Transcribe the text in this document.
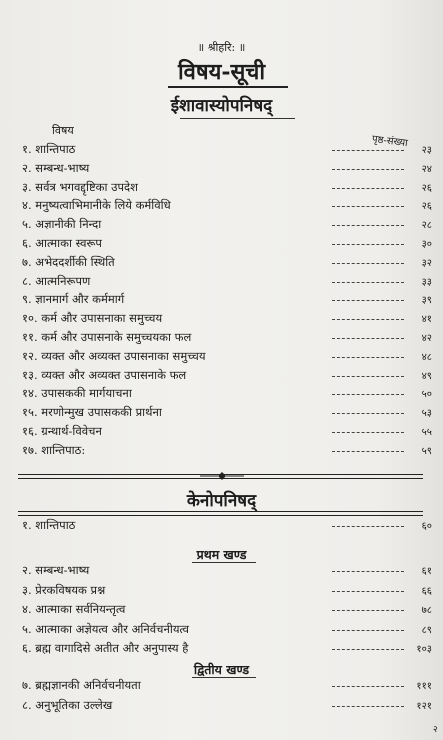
॥ श्रीहरि: ॥
विषय-सूची
ईशावास्योपनिषद्
विषय
पृष्ठ-संख्या
१. शान्तिपाठ	२३
२. सम्बन्ध-भाष्य	२४
३. सर्वत्र भगवद्दृष्टिका उपदेश	२६
४. मनुष्यत्वाभिमानीके लिये कर्मविधि	२६
५. अज्ञानीकी निन्दा	२८
६. आत्माका स्वरूप	३०
७. अभेददर्शीकी स्थिति	३२
८. आत्मनिरूपण	३३
९. ज्ञानमार्ग और कर्ममार्ग	३९
१०. कर्म और उपासनाका समुच्चय	४१
११. कर्म और उपासनाके समुच्चयका फल	४२
१२. व्यक्त और अव्यक्त उपासनाका समुच्चय	४८
१३. व्यक्त और अव्यक्त उपासनाके फल	४९
१४. उपासककी मार्गयाचना	५०
१५. मरणोन्मुख उपासककी प्रार्थना	५३
१६. ग्रन्थार्थ-विवेचन	५५
१७. शान्तिपाठ:	५९
केनोपनिषद्
१. शान्तिपाठ	६०
प्रथम खण्ड
२. सम्बन्ध-भाष्य	६१
३. प्रेरकविषयक प्रश्न	६६
४. आत्माका सर्वनियन्तृत्व	७८
५. आत्माका अज्ञेयत्व और अनिर्वचनीयत्व	८९
६. ब्रह्म वागादिसे अतीत और अनुपास्य है	१०३
द्वितीय खण्ड
७. ब्रह्मज्ञानकी अनिर्वचनीयता	१११
८. अनुभूतिका उल्लेख	१२१
२
